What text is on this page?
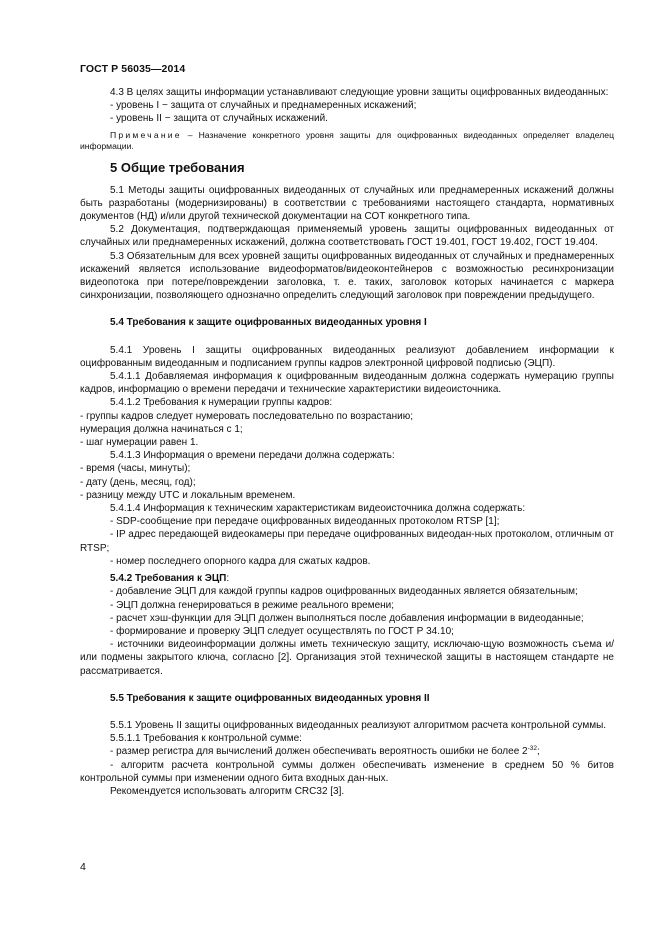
ГОСТ Р 56035—2014

4.3 В целях защиты информации устанавливают следующие уровни защиты оцифрованных видеоданных:

- уровень I − защита от случайных и преднамеренных искажений;

- уровень II − защита от случайных искажений.

Примечание – Назначение конкретного уровня защиты для оцифрованных видеоданных определяет владелец информации.

5 Общие требования

5.1 Методы защиты оцифрованных видеоданных от случайных или преднамеренных искажений должны быть разработаны (модернизированы) в соответствии с требованиями настоящего стандарта, нормативных документов (НД) и/или другой технической документации на СОТ конкретного типа.

5.2 Документация, подтверждающая применяемый уровень защиты оцифрованных видеоданных от случайных или преднамеренных искажений, должна соответствовать ГОСТ 19.401, ГОСТ 19.402, ГОСТ 19.404.

5.3 Обязательным для всех уровней защиты оцифрованных видеоданных от случайных и преднамеренных искажений является использование видеоформатов/видеоконтейнеров с возможностью ресинхронизации видеопотока при потере/повреждении заголовка, т. е. таких, заголовок которых начинается с маркера синхронизации, позволяющего однозначно определить следующий заголовок при повреждении предыдущего.

5.4 Требования к защите оцифрованных видеоданных уровня I

5.4.1 Уровень I защиты оцифрованных видеоданных реализуют добавлением информации к оцифрованным видеоданным и подписанием группы кадров электронной цифровой подписью (ЭЦП).

5.4.1.1 Добавляемая информация к оцифрованным видеоданным должна содержать нумерацию группы кадров, информацию о времени передачи и технические характеристики видеоисточника.

5.4.1.2 Требования к нумерации группы кадров:

- группы кадров следует нумеровать последовательно по возрастанию;

нумерация должна начинаться с 1;

- шаг нумерации равен 1.

5.4.1.3 Информация о времени передачи должна содержать:

- время (часы, минуты);

- дату (день, месяц, год);

- разницу между UTC и локальным временем.

5.4.1.4 Информация к техническим характеристикам видеоисточника должна содержать:

- SDP-сообщение при передаче оцифрованных видеоданных протоколом RTSP [1];

- IP адрес передающей видеокамеры при передаче оцифрованных видеодан-ных протоколом, отличным от RTSP;

- номер последнего опорного кадра для сжатых кадров.

5.4.2 Требования к ЭЦП:

- добавление ЭЦП для каждой группы кадров оцифрованных видеоданных является обязательным;

- ЭЦП должна генерироваться в режиме реального времени;

- расчет хэш-функции для ЭЦП должен выполняться после добавления информации в видеоданные;

- формирование и проверку ЭЦП следует осуществлять по ГОСТ Р 34.10;

- источники видеоинформации должны иметь техническую защиту, исключаю-щую возможность съема и/или подмены закрытого ключа, согласно [2]. Организация этой технической защиты в настоящем стандарте не рассматривается.

5.5 Требования к защите оцифрованных видеоданных уровня II

5.5.1 Уровень II защиты оцифрованных видеоданных реализуют алгоритмом расчета контрольной суммы.

5.5.1.1 Требования к контрольной сумме:

- размер регистра для вычислений должен обеспечивать вероятность ошибки не более $2^{-32}$;

- алгоритм расчета контрольной суммы должен обеспечивать изменение в среднем 50 % битов контрольной суммы при изменении одного бита входных дан-ных.

Рекомендуется использовать алгоритм CRC32 [3].

4
